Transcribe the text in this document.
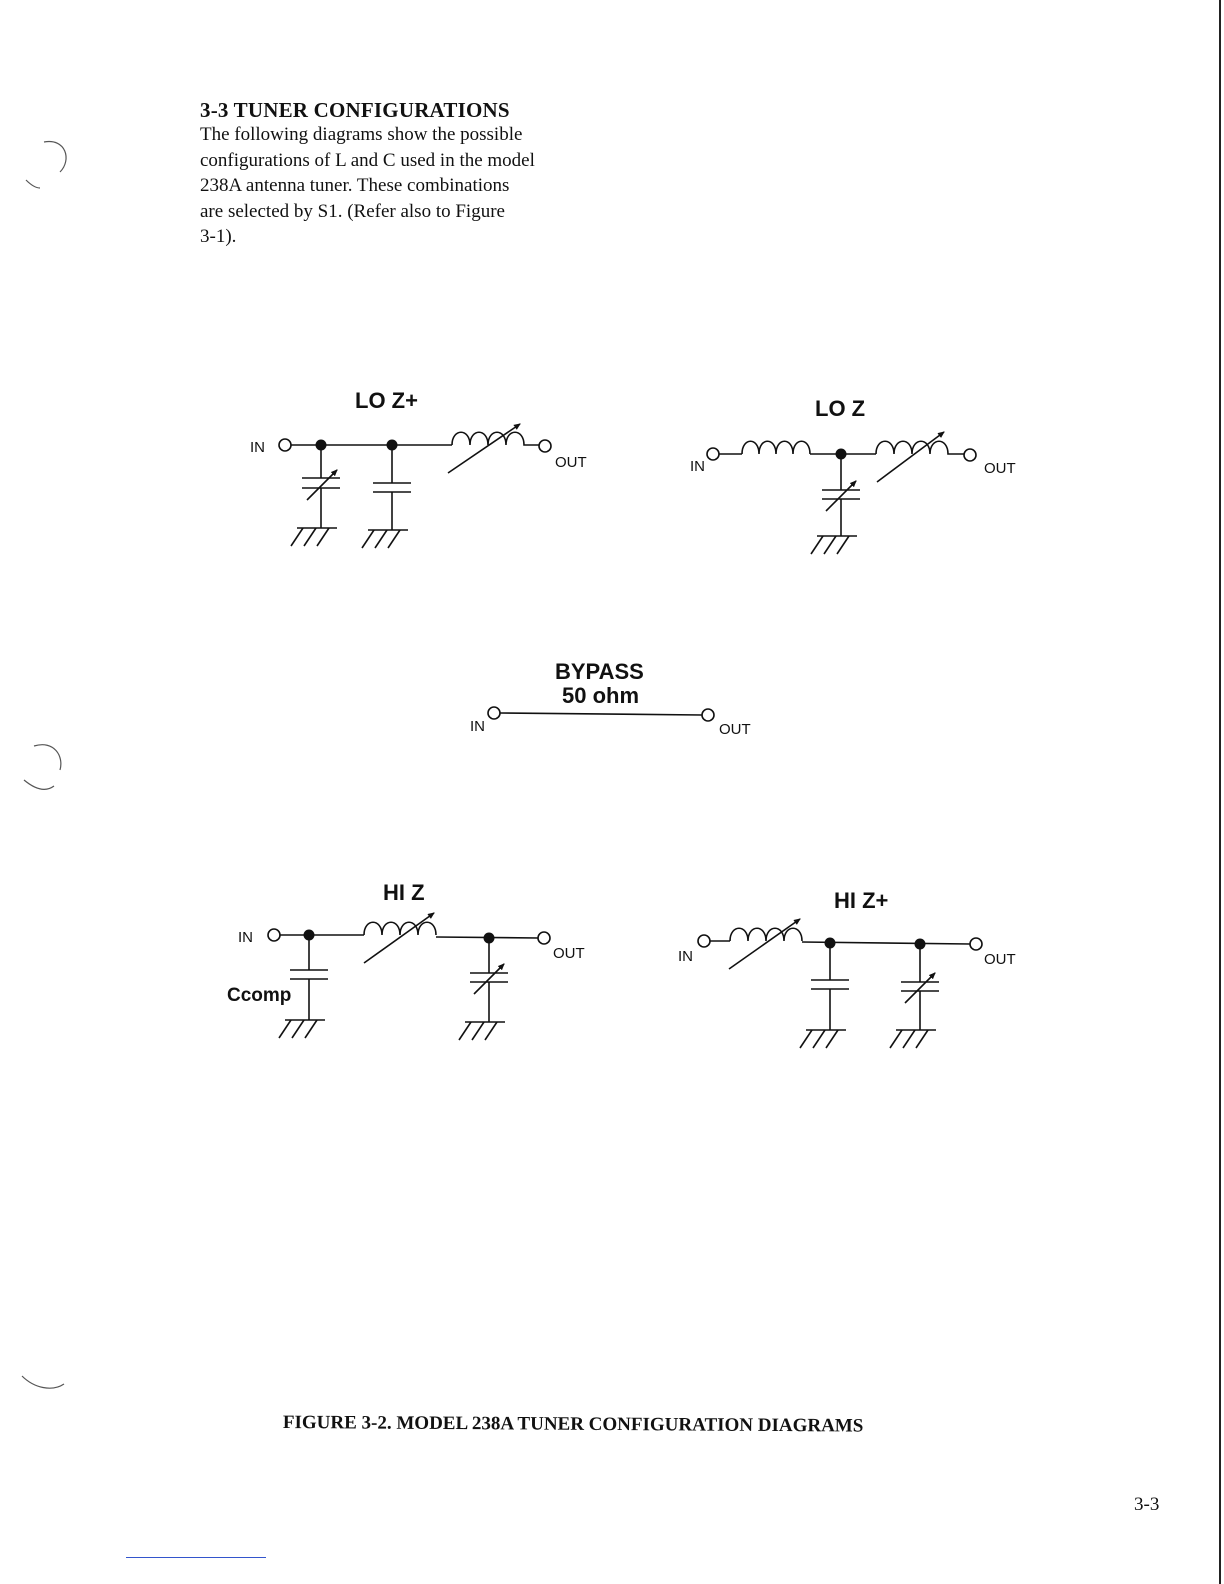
3-3 TUNER CONFIGURATIONS
The following diagrams show the possible
configurations of L and C used in the model
238A antenna tuner. These combinations
are selected by S1. (Refer also to Figure
3-1).
LO Z+
IN
OUT
LO Z
IN	OUT
BYPASS
50 ohm
IN	OUT
HI Z
IN
OUT
Ccomp
HI Z+
IN	OUT
FIGURE 3-2. MODEL 238A TUNER CONFIGURATION DIAGRAMS
3-3
